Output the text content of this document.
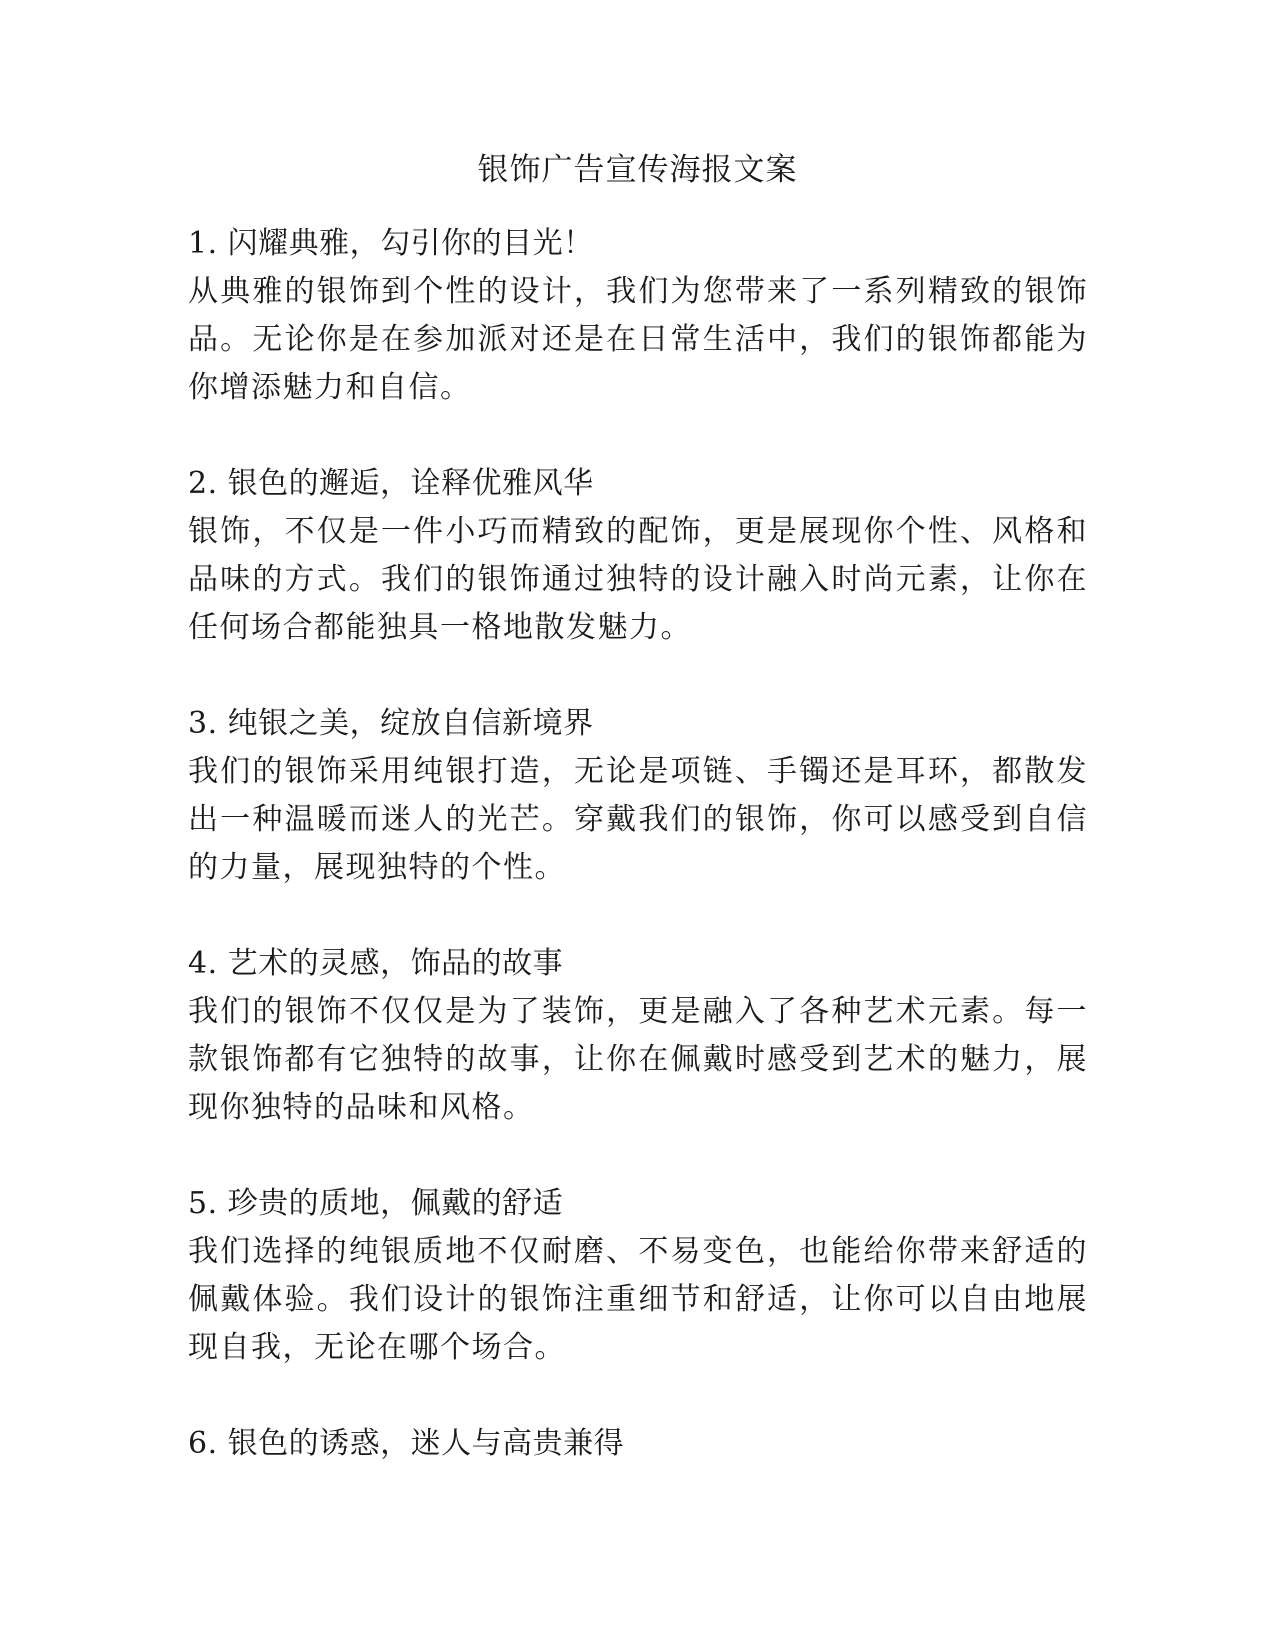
银饰广告宣传海报文案

1. 闪耀典雅，勾引你的目光！

从典雅的银饰到个性的设计，我们为您带来了一系列精致的银饰品。无论你是在参加派对还是在日常生活中，我们的银饰都能为你增添魅力和自信。

2. 银色的邂逅，诠释优雅风华

银饰，不仅是一件小巧而精致的配饰，更是展现你个性、风格和品味的方式。我们的银饰通过独特的设计融入时尚元素，让你在任何场合都能独具一格地散发魅力。

3. 纯银之美，绽放自信新境界

我们的银饰采用纯银打造，无论是项链、手镯还是耳环，都散发出一种温暖而迷人的光芒。穿戴我们的银饰，你可以感受到自信的力量，展现独特的个性。

4. 艺术的灵感，饰品的故事

我们的银饰不仅仅是为了装饰，更是融入了各种艺术元素。每一款银饰都有它独特的故事，让你在佩戴时感受到艺术的魅力，展现你独特的品味和风格。

5. 珍贵的质地，佩戴的舒适

我们选择的纯银质地不仅耐磨、不易变色，也能给你带来舒适的佩戴体验。我们设计的银饰注重细节和舒适，让你可以自由地展现自我，无论在哪个场合。

6. 银色的诱惑，迷人与高贵兼得
